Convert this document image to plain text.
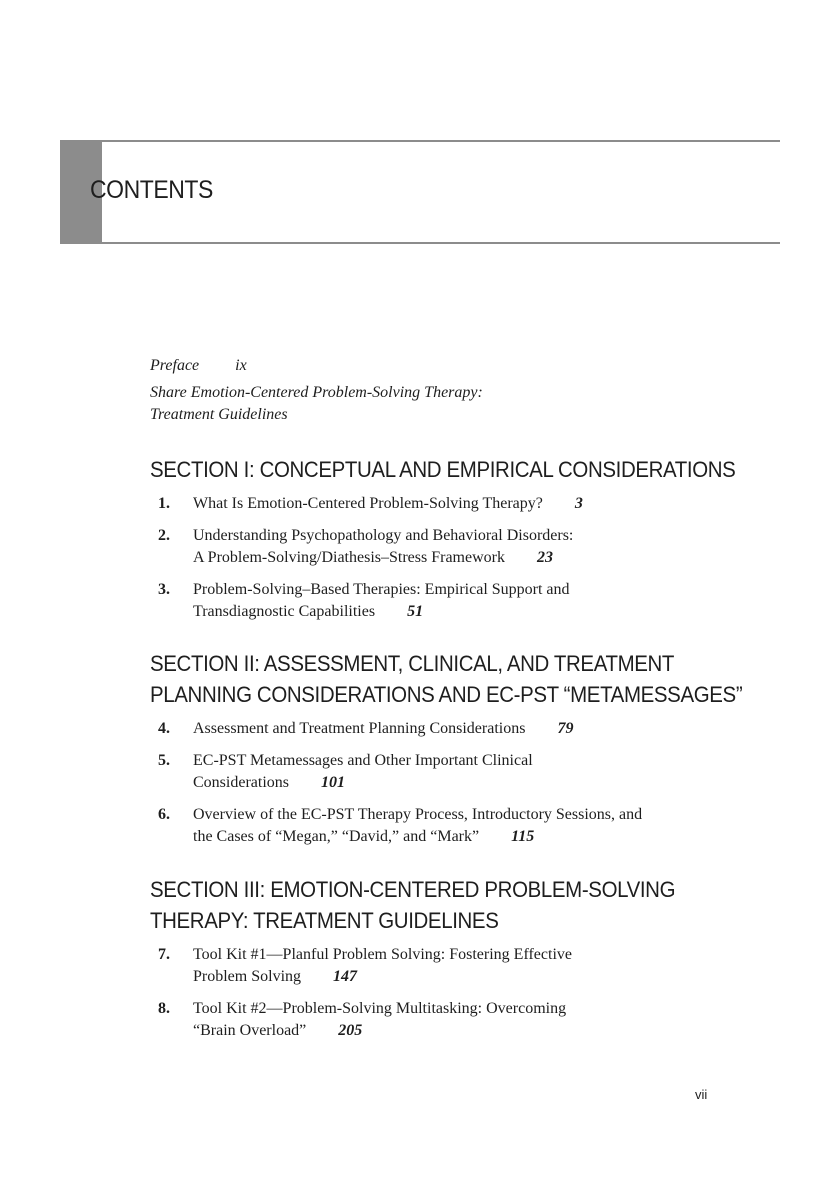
CONTENTS

Preface ix

Share Emotion-Centered Problem-Solving Therapy:
Treatment Guidelines

SECTION I: CONCEPTUAL AND EMPIRICAL CONSIDERATIONS
1. What Is Emotion-Centered Problem-Solving Therapy? 3
2. Understanding Psychopathology and Behavioral Disorders:
A Problem-Solving/Diathesis–Stress Framework 23
3. Problem-Solving–Based Therapies: Empirical Support and
Transdiagnostic Capabilities 51
SECTION II: ASSESSMENT, CLINICAL, AND TREATMENT
PLANNING CONSIDERATIONS AND EC-PST “METAMESSAGES”
4. Assessment and Treatment Planning Considerations 79
5. EC-PST Metamessages and Other Important Clinical
Considerations 101
6. Overview of the EC-PST Therapy Process, Introductory Sessions, and
the Cases of “Megan,” “David,” and “Mark” 115
SECTION III: EMOTION-CENTERED PROBLEM-SOLVING
THERAPY: TREATMENT GUIDELINES
7. Tool Kit #1—Planful Problem Solving: Fostering Effective
Problem Solving 147
8. Tool Kit #2—Problem-Solving Multitasking: Overcoming
“Brain Overload” 205
vii
